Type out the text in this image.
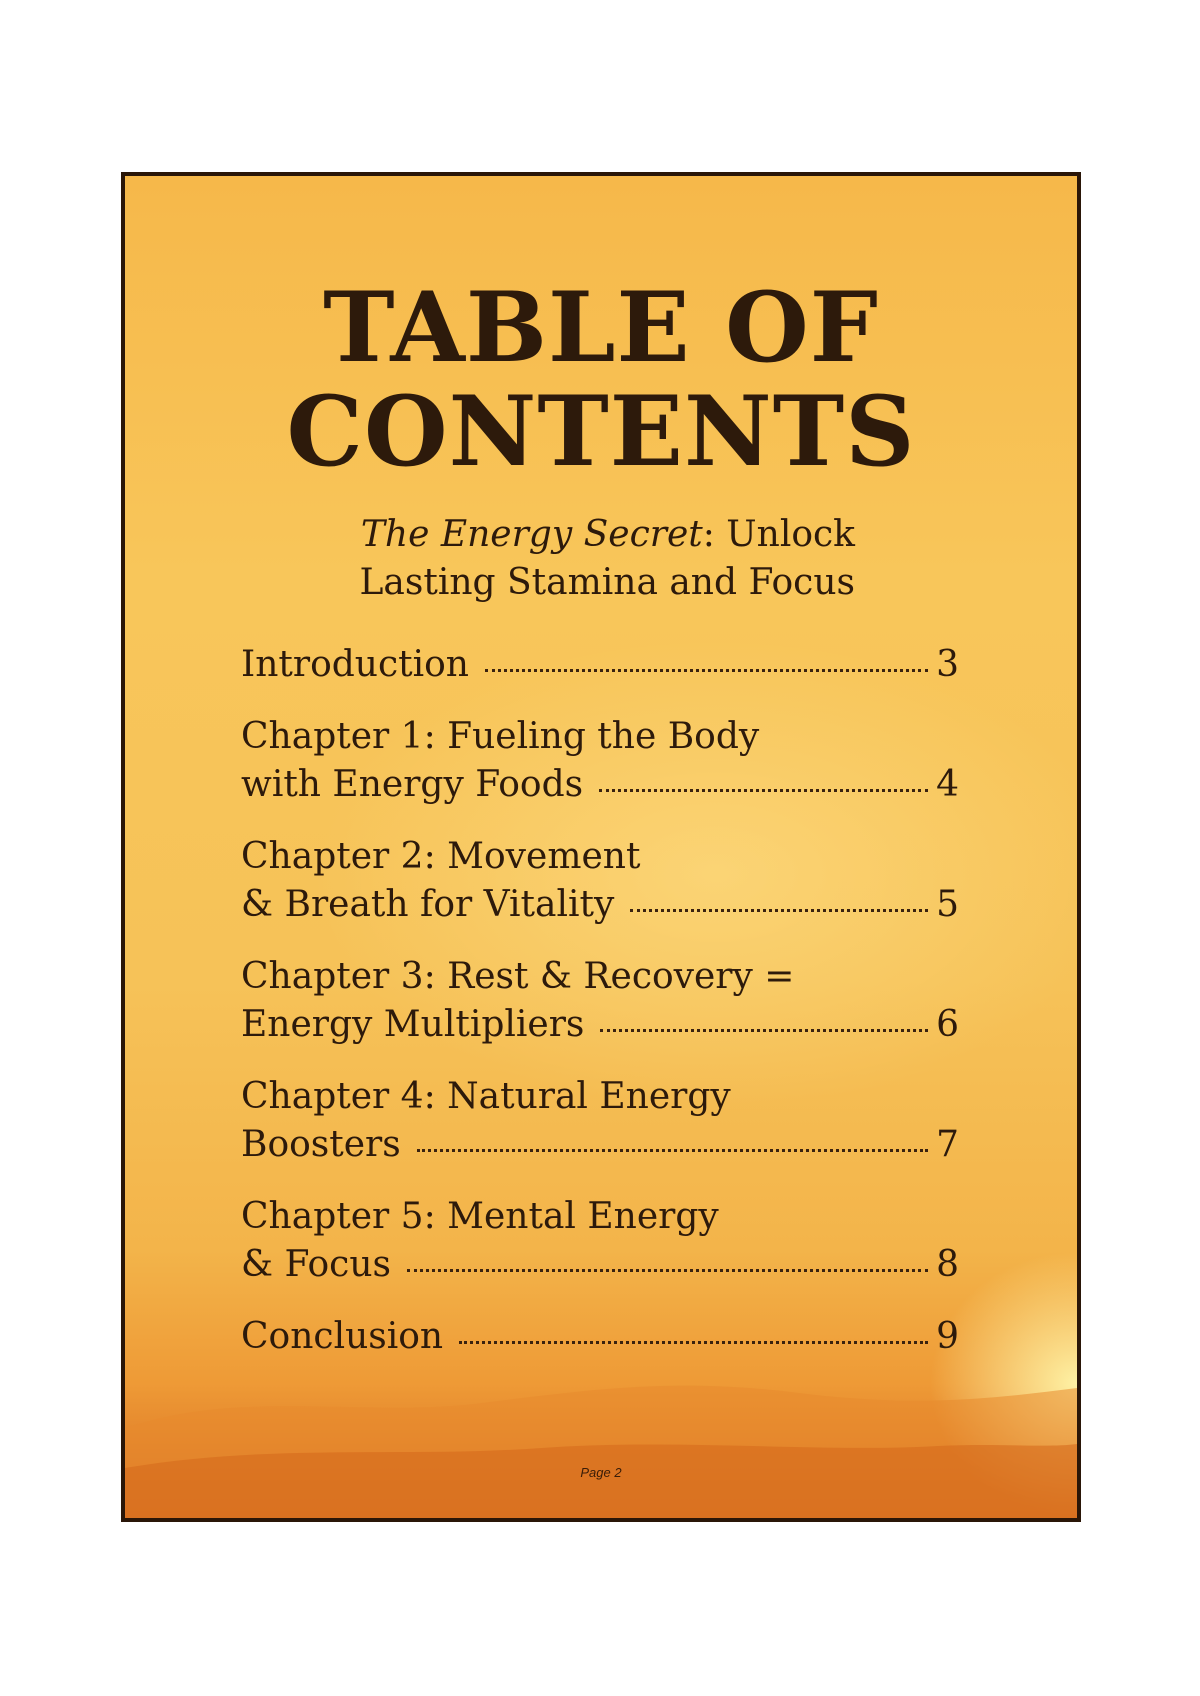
TABLE OF
CONTENTS
The Energy Secret: Unlock
Lasting Stamina and Focus
Introduction	3
Chapter 1: Fueling the Body
with Energy Foods	4
Chapter 2: Movement
& Breath for Vitality	5
Chapter 3: Rest & Recovery =
Energy Multipliers	6
Chapter 4: Natural Energy
Boosters	7
Chapter 5: Mental Energy
& Focus	8
Conclusion	9
Page 2
